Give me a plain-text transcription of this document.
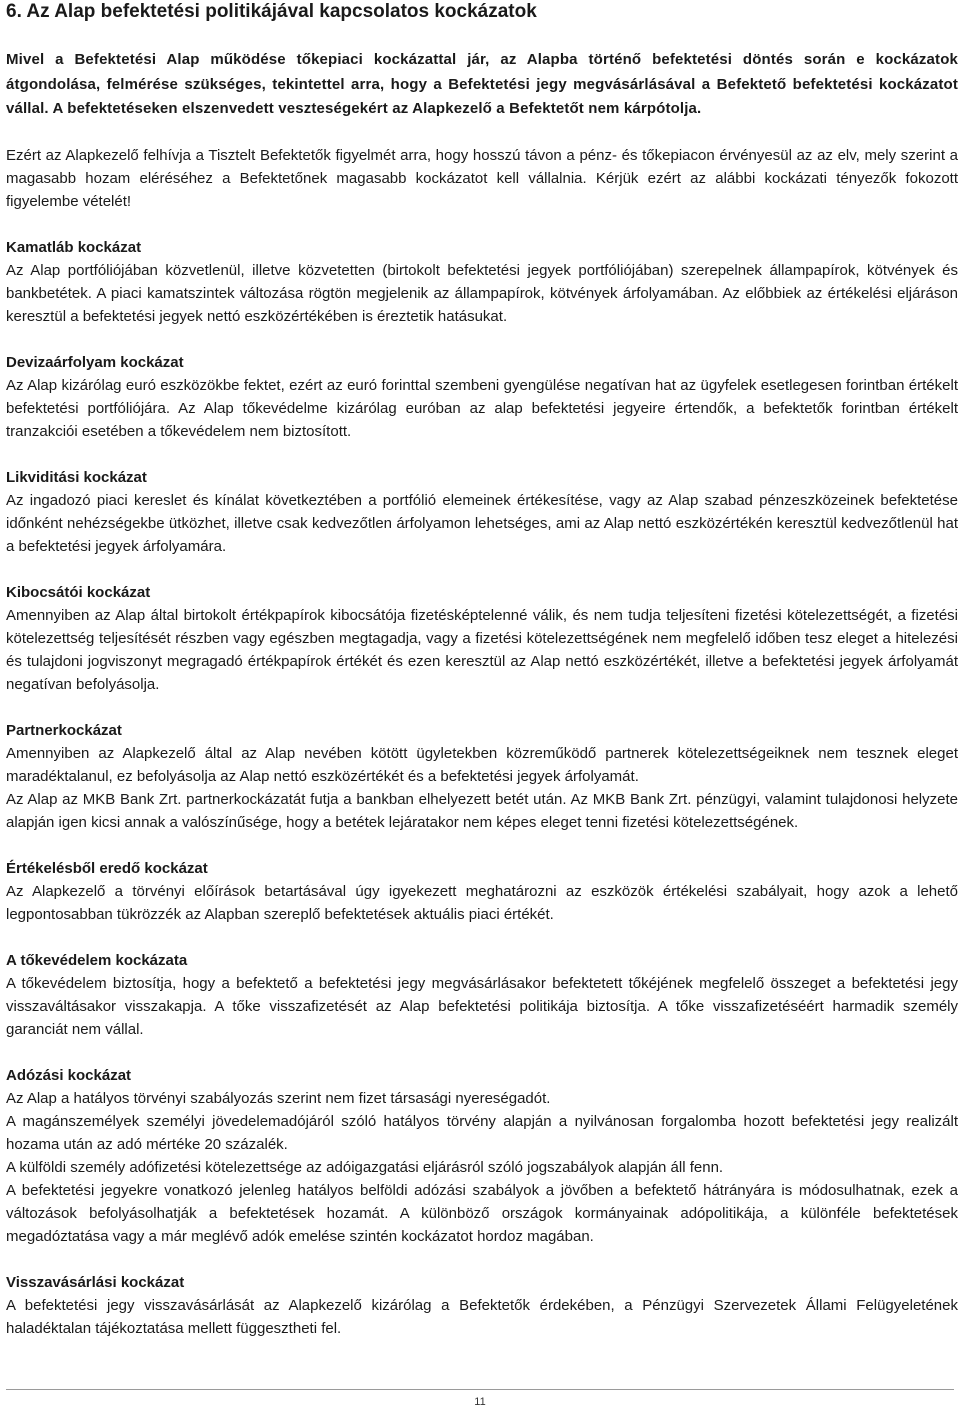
6. Az Alap befektetési politikájával kapcsolatos kockázatok

Mivel a Befektetési Alap működése tőkepiaci kockázattal jár, az Alapba történő befektetési döntés során e kockázatok átgondolása, felmérése szükséges, tekintettel arra, hogy a Befektetési jegy megvásárlásával a Befektető befektetési kockázatot vállal. A befektetéseken elszenvedett veszteségekért az Alapkezelő a Befektetőt nem kárpótolja.

Ezért az Alapkezelő felhívja a Tisztelt Befektetők figyelmét arra, hogy hosszú távon a pénz- és tőkepiacon érvényesül az az elv, mely szerint a magasabb hozam eléréséhez a Befektetőnek magasabb kockázatot kell vállalnia. Kérjük ezért az alábbi kockázati tényezők fokozott figyelembe vételét!

Kamatláb kockázat

Az Alap portfóliójában közvetlenül, illetve közvetetten (birtokolt befektetési jegyek portfóliójában) szerepelnek állampapírok, kötvények és bankbetétek. A piaci kamatszintek változása rögtön megjelenik az állampapírok, kötvények árfolyamában. Az előbbiek az értékelési eljáráson keresztül a befektetési jegyek nettó eszközértékében is éreztetik hatásukat.

Devizaárfolyam kockázat

Az Alap kizárólag euró eszközökbe fektet, ezért az euró forinttal szembeni gyengülése negatívan hat az ügyfelek esetlegesen forintban értékelt befektetési portfóliójára. Az Alap tőkevédelme kizárólag euróban az alap befektetési jegyeire értendők, a befektetők forintban értékelt tranzakciói esetében a tőkevédelem nem biztosított.

Likviditási kockázat

Az ingadozó piaci kereslet és kínálat következtében a portfólió elemeinek értékesítése, vagy az Alap szabad pénzeszközeinek befektetése időnként nehézségekbe ütközhet, illetve csak kedvezőtlen árfolyamon lehetséges, ami az Alap nettó eszközértékén keresztül kedvezőtlenül hat a befektetési jegyek árfolyamára.

Kibocsátói kockázat

Amennyiben az Alap által birtokolt értékpapírok kibocsátója fizetésképtelenné válik, és nem tudja teljesíteni fizetési kötelezettségét, a fizetési kötelezettség teljesítését részben vagy egészben megtagadja, vagy a fizetési kötelezettségének nem megfelelő időben tesz eleget a hitelezési és tulajdoni jogviszonyt megragadó értékpapírok értékét és ezen keresztül az Alap nettó eszközértékét, illetve a befektetési jegyek árfolyamát negatívan befolyásolja.

Partnerkockázat

Amennyiben az Alapkezelő által az Alap nevében kötött ügyletekben közreműködő partnerek kötelezettségeiknek nem tesznek eleget maradéktalanul, ez befolyásolja az Alap nettó eszközértékét és a befektetési jegyek árfolyamát.

Az Alap az MKB Bank Zrt. partnerkockázatát futja a bankban elhelyezett betét után. Az MKB Bank Zrt. pénzügyi, valamint tulajdonosi helyzete alapján igen kicsi annak a valószínűsége, hogy a betétek lejáratakor nem képes eleget tenni fizetési kötelezettségének.

Értékelésből eredő kockázat

Az Alapkezelő a törvényi előírások betartásával úgy igyekezett meghatározni az eszközök értékelési szabályait, hogy azok a lehető legpontosabban tükrözzék az Alapban szereplő befektetések aktuális piaci értékét.

A tőkevédelem kockázata

A tőkevédelem biztosítja, hogy a befektető a befektetési jegy megvásárlásakor befektetett tőkéjének megfelelő összeget a befektetési jegy visszaváltásakor visszakapja. A tőke visszafizetését az Alap befektetési politikája biztosítja. A tőke visszafizetéséért harmadik személy garanciát nem vállal.

Adózási kockázat

Az Alap a hatályos törvényi szabályozás szerint nem fizet társasági nyereségadót.

A magánszemélyek személyi jövedelemadójáról szóló hatályos törvény alapján a nyilvánosan forgalomba hozott befektetési jegy realizált hozama után az adó mértéke 20 százalék.

A külföldi személy adófizetési kötelezettsége az adóigazgatási eljárásról szóló jogszabályok alapján áll fenn.

A befektetési jegyekre vonatkozó jelenleg hatályos belföldi adózási szabályok a jövőben a befektető hátrányára is módosulhatnak, ezek a változások befolyásolhatják a befektetések hozamát. A különböző országok kormányainak adópolitikája, a különféle befektetések megadóztatása vagy a már meglévő adók emelése szintén kockázatot hordoz magában.

Visszavásárlási kockázat

A befektetési jegy visszavásárlását az Alapkezelő kizárólag a Befektetők érdekében, a Pénzügyi Szervezetek Állami Felügyeletének haladéktalan tájékoztatása mellett függesztheti fel.

11
